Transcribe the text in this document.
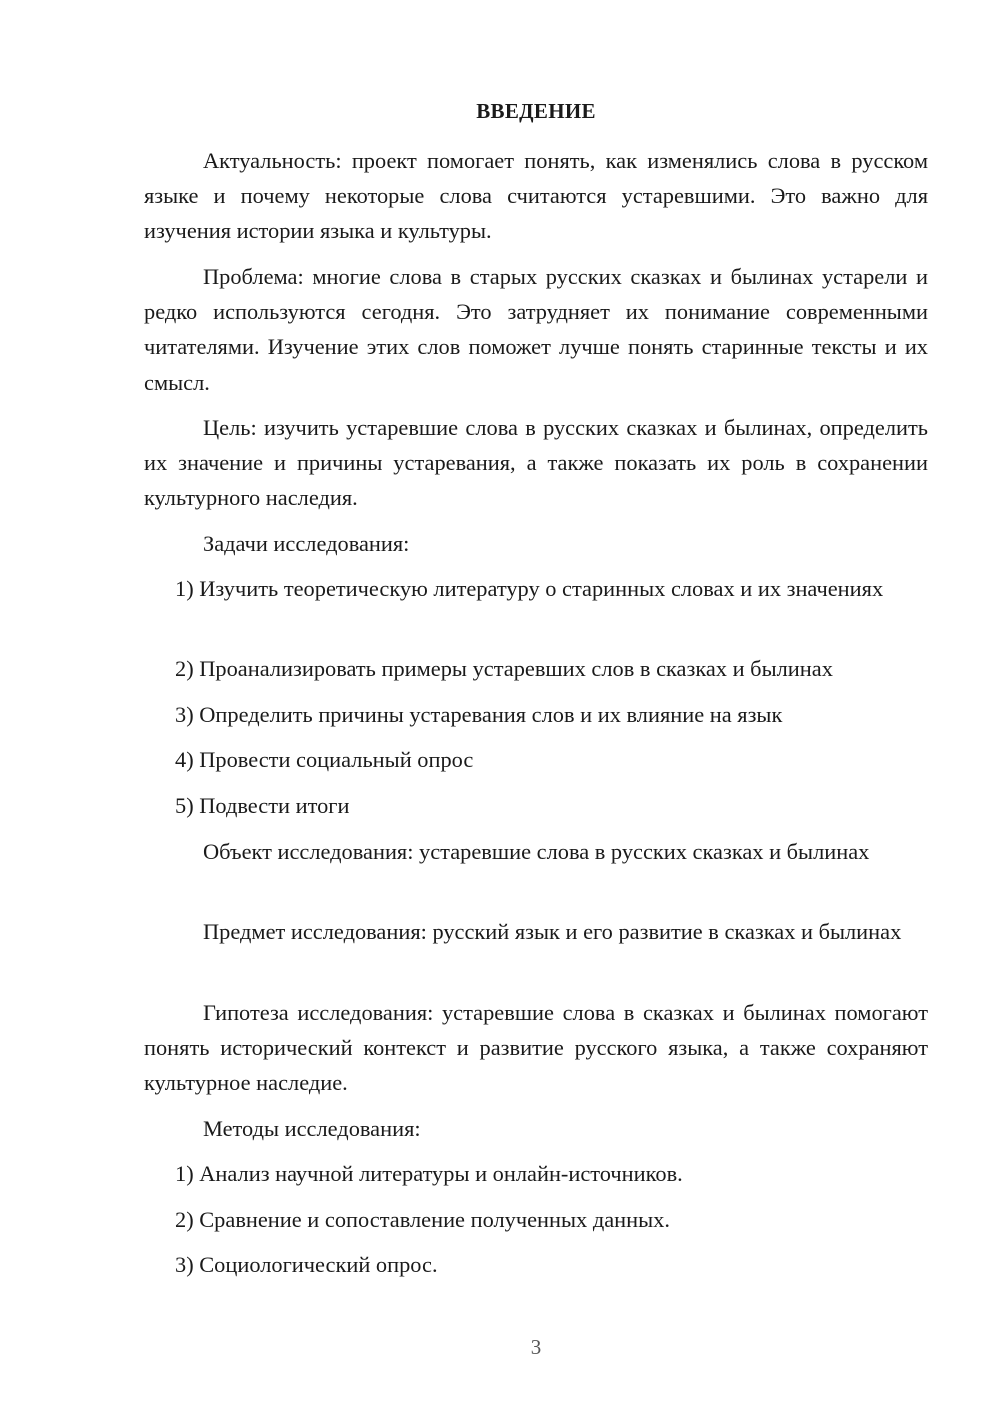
ВВЕДЕНИЕ

Актуальность: проект помогает понять, как изменялись слова в русском языке и почему некоторые слова считаются устаревшими. Это важно для изучения истории языка и культуры.

Проблема: многие слова в старых русских сказках и былинах устарели и редко используются сегодня. Это затрудняет их понимание современными читателями. Изучение этих слов поможет лучше понять старинные тексты и их смысл.

Цель: изучить устаревшие слова в русских сказках и былинах, определить их значение и причины устаревания, а также показать их роль в сохранении культурного наследия.

Задачи исследования:

1) Изучить теоретическую литературу о старинных словах и их значениях

2) Проанализировать примеры устаревших слов в сказках и былинах

3) Определить причины устаревания слов и их влияние на язык

4) Провести социальный опрос

5) Подвести итоги

Объект исследования: устаревшие слова в русских сказках и былинах

Предмет исследования: русский язык и его развитие в сказках и былинах

Гипотеза исследования: устаревшие слова в сказках и былинах помогают понять исторический контекст и развитие русского языка, а также сохраняют культурное наследие.

Методы исследования:

1) Анализ научной литературы и онлайн-источников.

2) Сравнение и сопоставление полученных данных.

3) Социологический опрос.

3
